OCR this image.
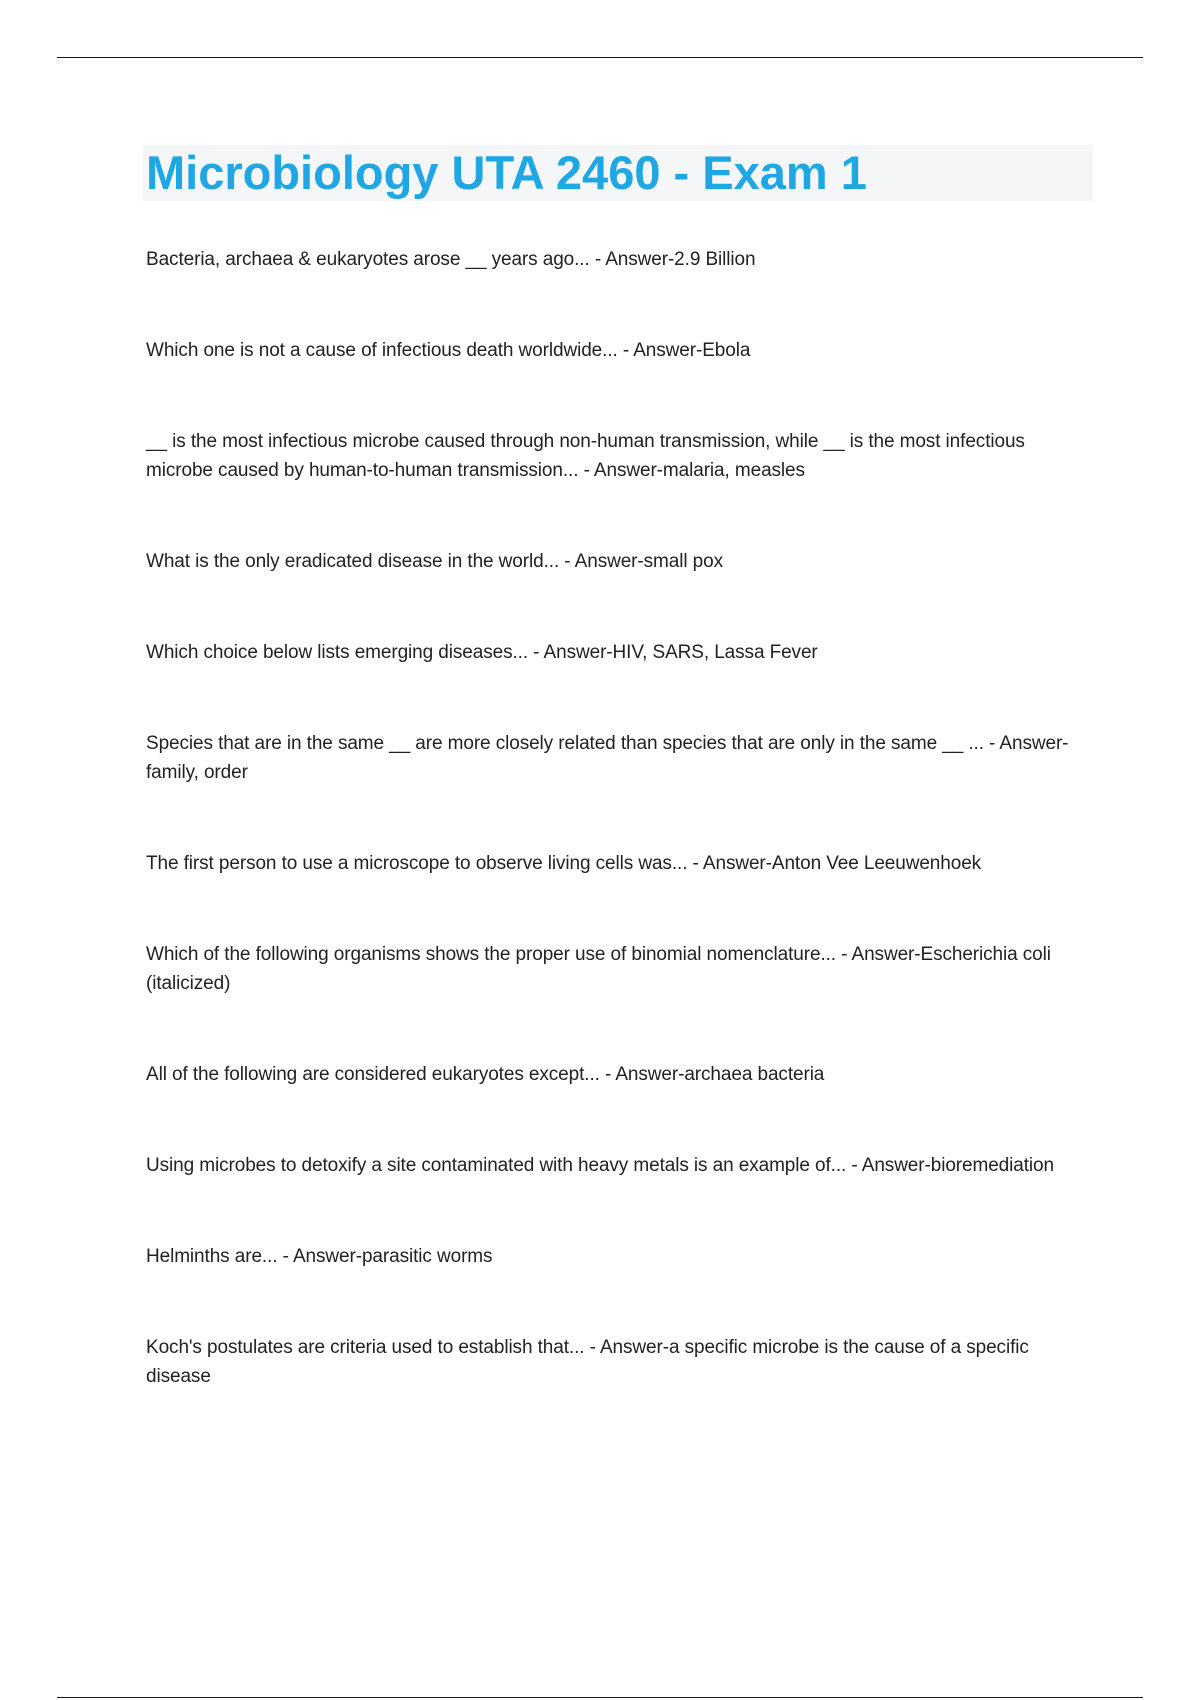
Microbiology UTA 2460 - Exam 1
Bacteria, archaea & eukaryotes arose __ years ago... - Answer-2.9 Billion
Which one is not a cause of infectious death worldwide... - Answer-Ebola
__ is the most infectious microbe caused through non-human transmission, while __ is the most infectious microbe caused by human-to-human transmission... - Answer-malaria, measles
What is the only eradicated disease in the world... - Answer-small pox
Which choice below lists emerging diseases... - Answer-HIV, SARS, Lassa Fever
Species that are in the same __ are more closely related than species that are only in the same __ ... - Answer-family, order
The first person to use a microscope to observe living cells was... - Answer-Anton Vee Leeuwenhoek
Which of the following organisms shows the proper use of binomial nomenclature... - Answer-Escherichia coli (italicized)
All of the following are considered eukaryotes except... - Answer-archaea bacteria
Using microbes to detoxify a site contaminated with heavy metals is an example of... - Answer-bioremediation
Helminths are... - Answer-parasitic worms
Koch's postulates are criteria used to establish that... - Answer-a specific microbe is the cause of a specific disease
